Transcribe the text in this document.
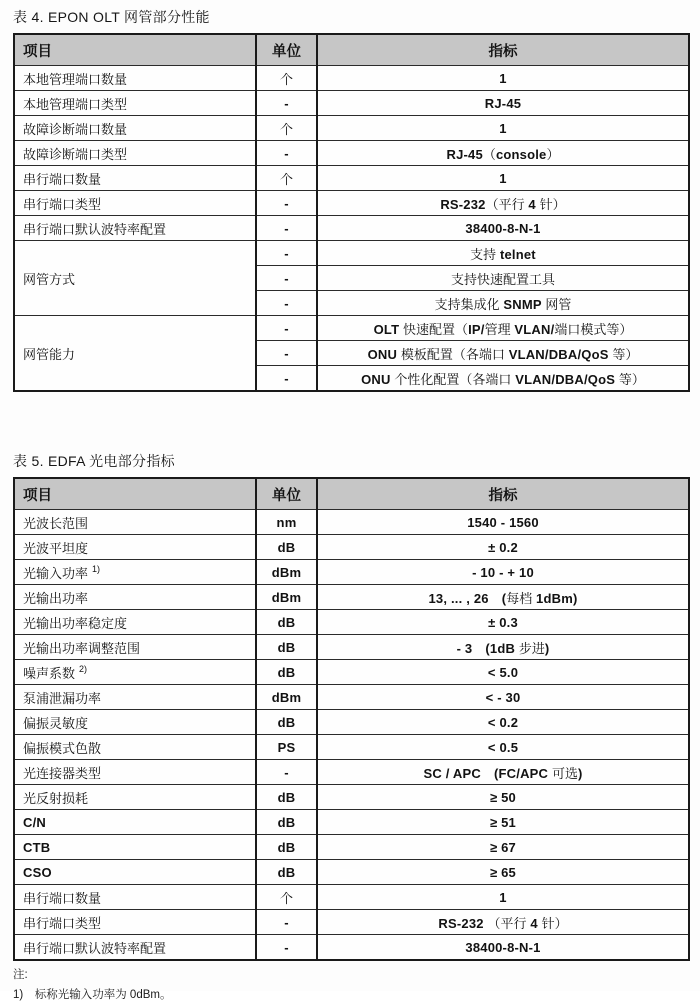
表 4. EPON OLT 网管部分性能
项目	单位	指标
本地管理端口数量	个	1
本地管理端口类型	-	RJ-45
故障诊断端口数量	个	1
故障诊断端口类型	-	RJ-45（console）
串行端口数量	个	1
串行端口类型	-	RS-232（平行 4 针）
串行端口默认波特率配置	-	38400-8-N-1
网管方式	-	支持 telnet
	-	支持快速配置工具
	-	支持集成化 SNMP 网管
网管能力	-	OLT 快速配置（IP/管理 VLAN/端口模式等）
	-	ONU 模板配置（各端口 VLAN/DBA/QoS 等）
	-	ONU 个性化配置（各端口 VLAN/DBA/QoS 等）
表 5. EDFA 光电部分指标
项目	单位	指标
光波长范围	nm	1540 - 1560
光波平坦度	dB	± 0.2
光输入功率 $^{1)}$	dBm	- 10 - + 10
光输出功率	dBm	13, ... , 26　 (每档 1dBm)
光输出功率稳定度	dB	± 0.3
光输出功率调整范围	dB	- 3　 (1dB 步进)
噪声系数 $^{2)}$	dB	< 5.0
泵浦泄漏功率	dBm	< - 30
偏振灵敏度	dB	< 0.2
偏振模式色散	PS	< 0.5
光连接器类型	-	SC / APC　 (FC/APC 可选)
光反射损耗	dB	≥ 50
C/N	dB	≥ 51
CTB	dB	≥ 67
CSO	dB	≥ 65
串行端口数量	个	1
串行端口类型	-	RS-232 （平行 4 针）
串行端口默认波特率配置	-	38400-8-N-1
注:
1)　标称光输入功率为 0dBm。
